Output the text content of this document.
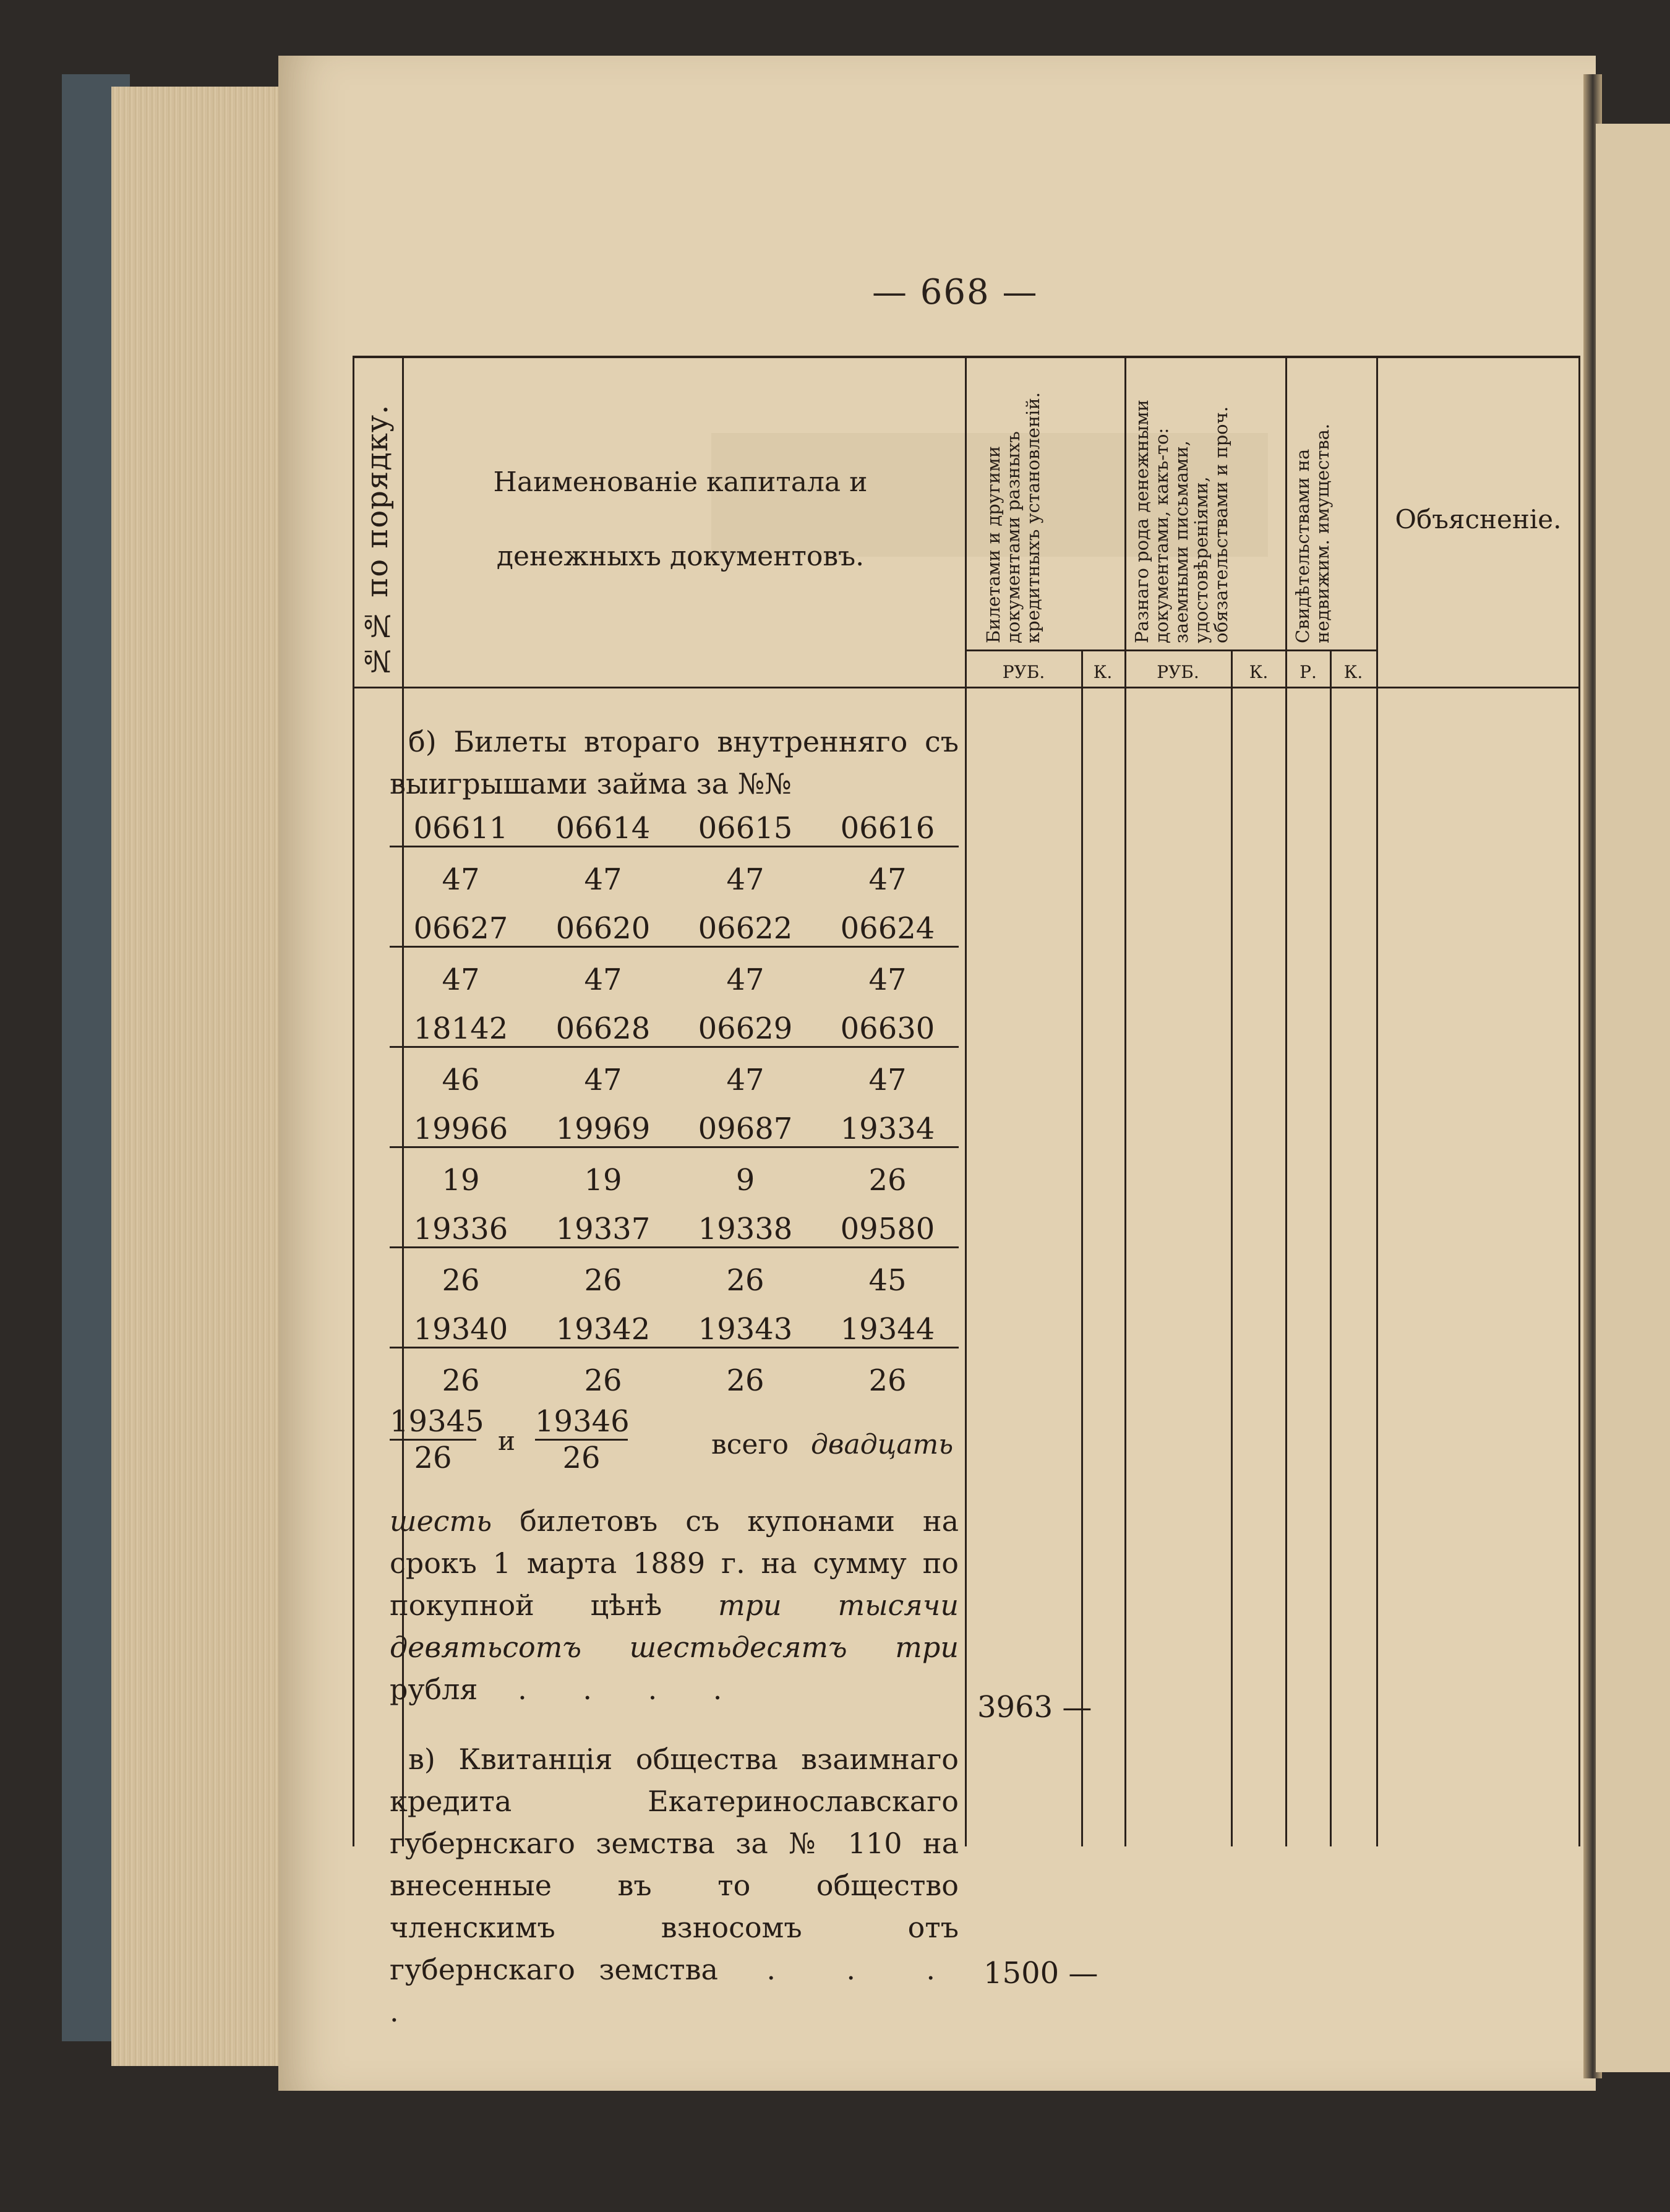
— 668 —
№№ по порядку.	Наименованіе капитала и денежныхъ документовъ.	Билетами и другими документами разныхъ кредитныхъ установленій.	Разнаго рода денежными документами, какъ-то: заемными письмами, удостовѣреніями, обязательствами и проч.	Свидѣтельствами на недвижим. имущества.	Объясненіе.
РУБ.	К.	РУБ.	К.	Р.	К.
б) Билеты втораго внутренняго съ выигрышами займа за №№
06611	06614	06615	06616
47	47	47	47
06627	06620	06622	06624
47	47	47	47
18142	06628	06629	06630
46	47	47	47
19966	19969	09687	19334
19	19	9	26
19336	19337	19338	09580
26	26	26	45
19340	19342	19343	19344
26	26	26	26
19345
26	и
19346
26	всего двадцать
шесть билетовъ съ купонами на срокъ 1 марта 1889 г. на сумму по покупной цѣнѣ три тысячи девятьсотъ шестьдесятъ три рубля . . . .
3963 —
в) Квитанція общества взаимнаго кредита Екатеринославскаго губернскаго земства за № 110 на внесенные въ то общество членскимъ взносомъ отъ губернскаго земства . . . .
1500 —
